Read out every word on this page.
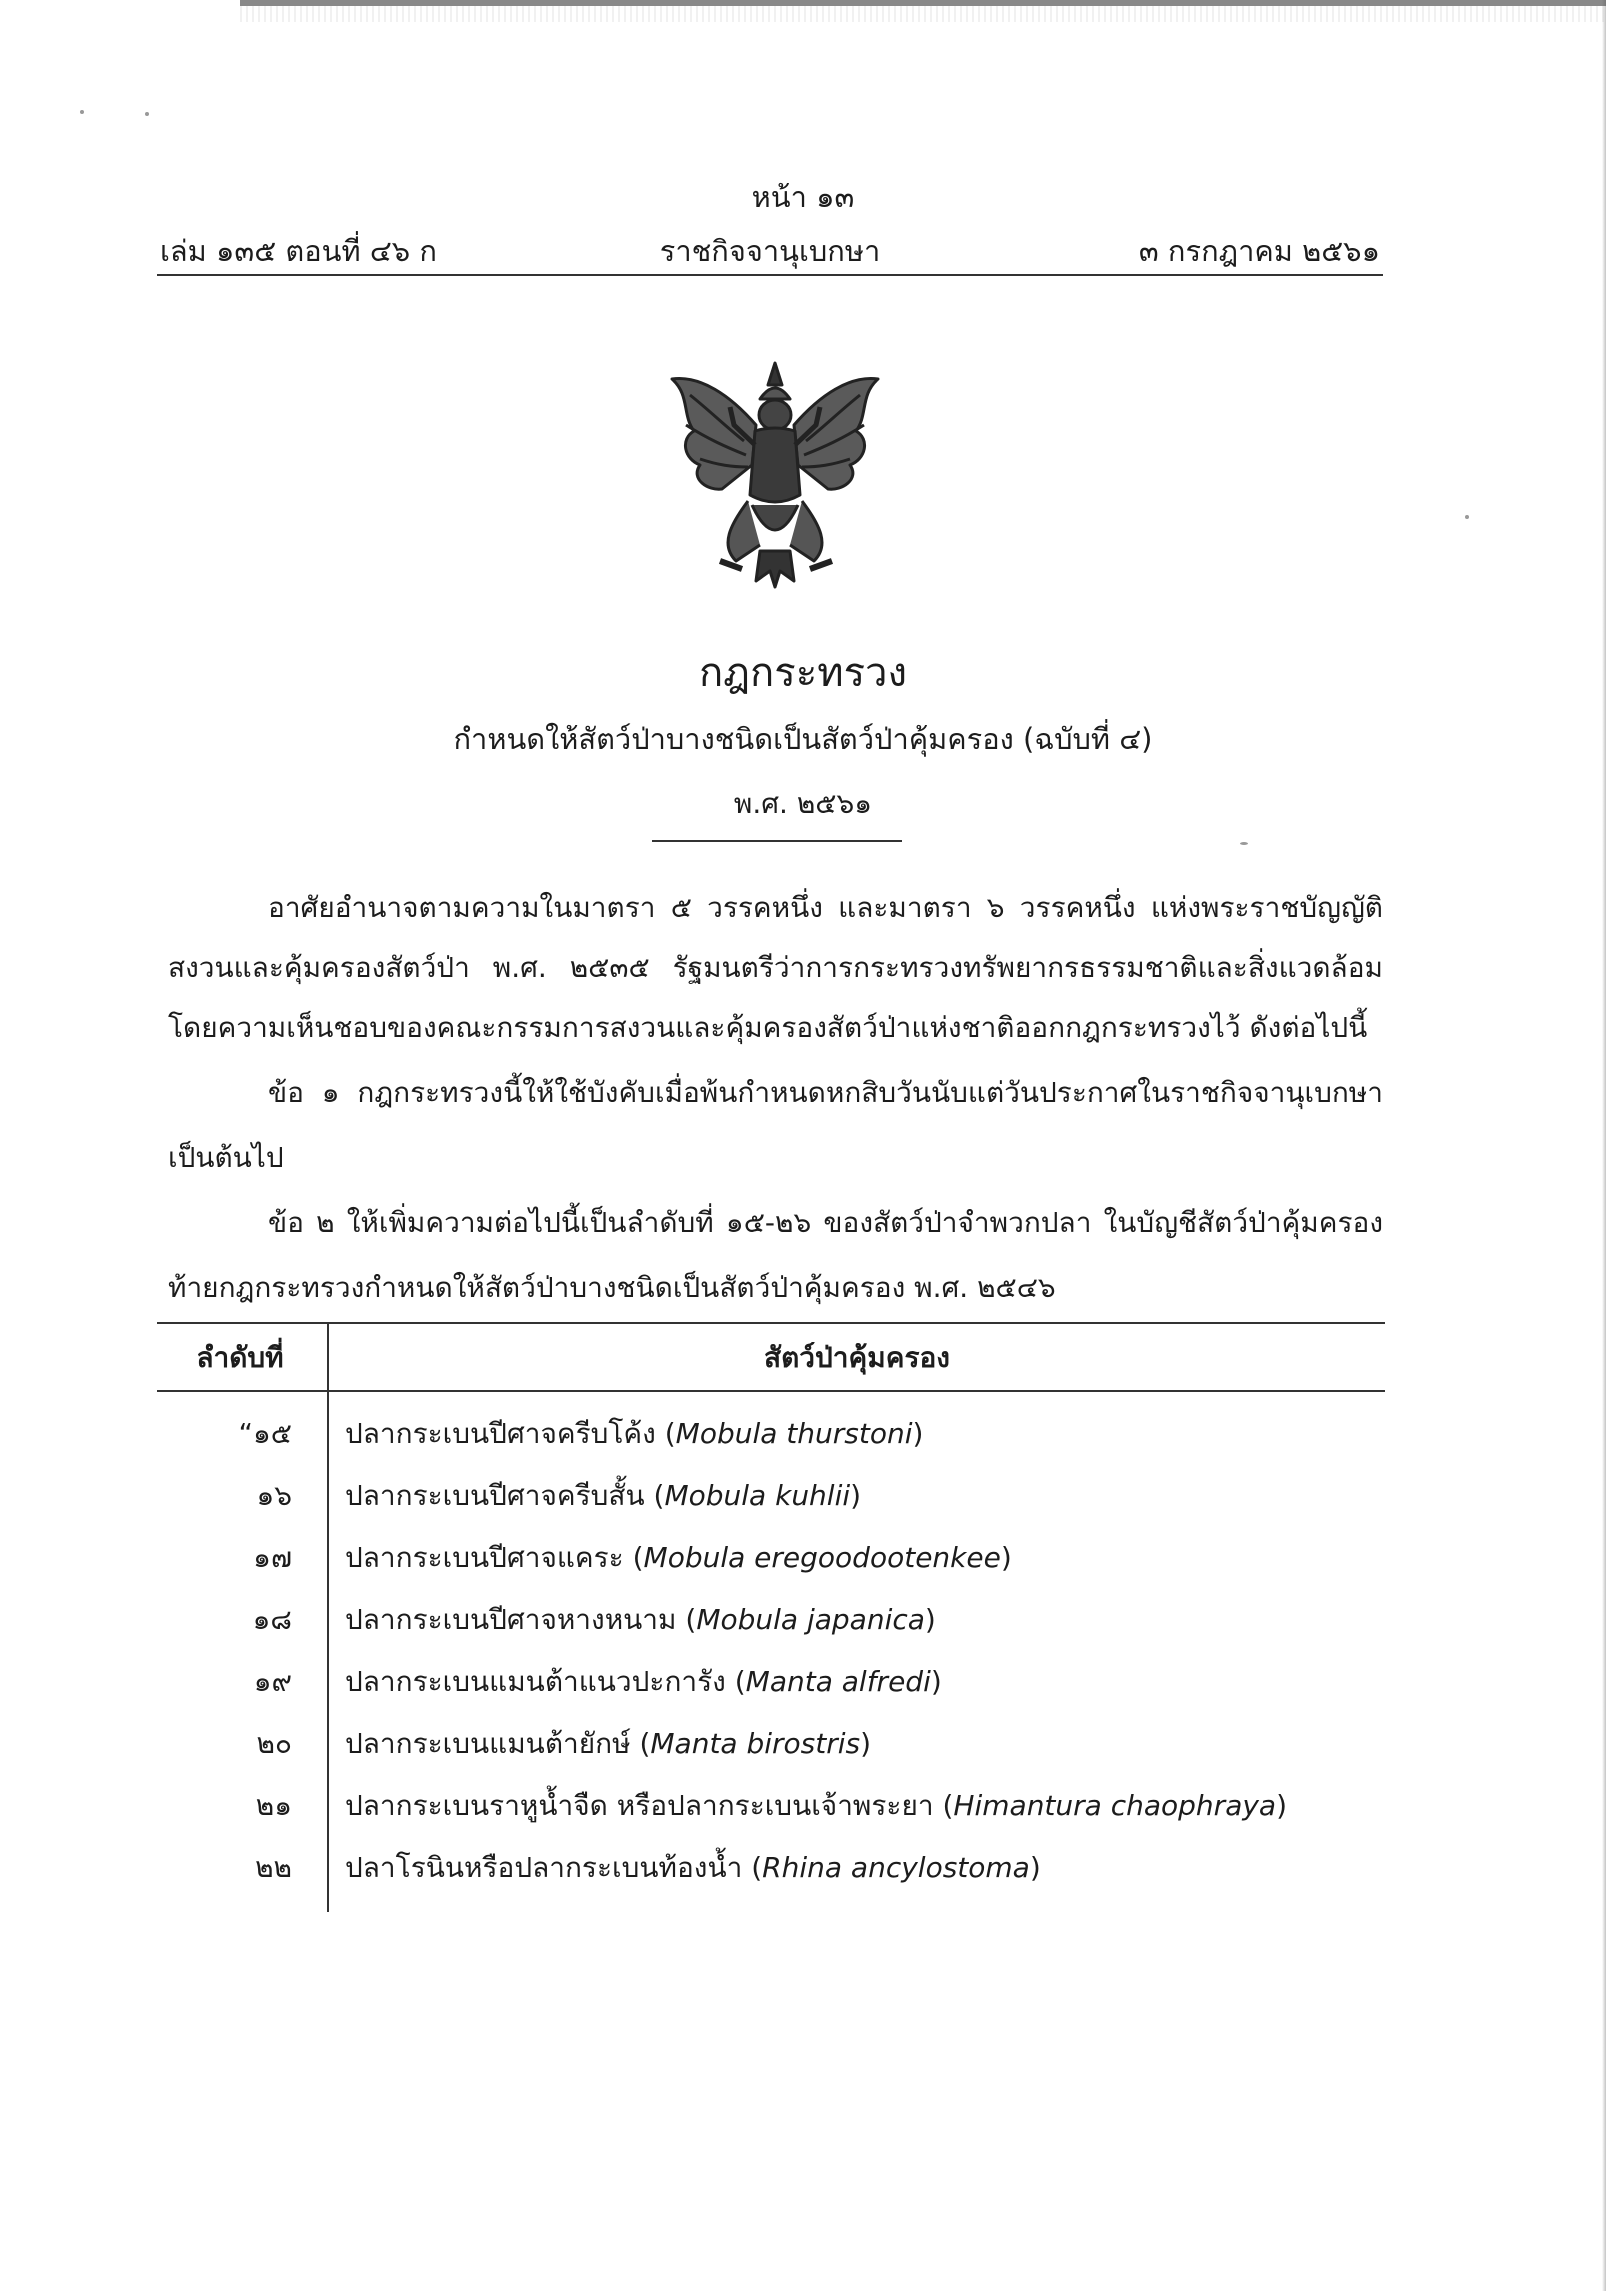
หน้า ๑๓
เล่ม ๑๓๕ ตอนที่ ๔๖ ก	ราชกิจจานุเบกษา	๓ กรกฎาคม ๒๕๖๑
กฎกระทรวง
กำหนดให้สัตว์ป่าบางชนิดเป็นสัตว์ป่าคุ้มครอง (ฉบับที่ ๔)
พ.ศ. ๒๕๖๑
อาศัยอำนาจตามความในมาตรา ๕ วรรคหนึ่ง และมาตรา ๖ วรรคหนึ่ง แห่งพระราชบัญญัติ
สงวนและคุ้มครองสัตว์ป่า พ.ศ. ๒๕๓๕ รัฐมนตรีว่าการกระทรวงทรัพยากรธรรมชาติและสิ่งแวดล้อม
โดยความเห็นชอบของคณะกรรมการสงวนและคุ้มครองสัตว์ป่าแห่งชาติออกกฎกระทรวงไว้ ดังต่อไปนี้
ข้อ ๑ กฎกระทรวงนี้ให้ใช้บังคับเมื่อพ้นกำหนดหกสิบวันนับแต่วันประกาศในราชกิจจานุเบกษา
เป็นต้นไป
ข้อ ๒ ให้เพิ่มความต่อไปนี้เป็นลำดับที่ ๑๕-๒๖ ของสัตว์ป่าจำพวกปลา ในบัญชีสัตว์ป่าคุ้มครอง
ท้ายกฎกระทรวงกำหนดให้สัตว์ป่าบางชนิดเป็นสัตว์ป่าคุ้มครอง พ.ศ. ๒๕๔๖
ลำดับที่	สัตว์ป่าคุ้มครอง
“๑๕ ปลากระเบนปีศาจครีบโค้ง (Mobula thurstoni)
๑๖ ปลากระเบนปีศาจครีบสั้น (Mobula kuhlii)
๑๗ ปลากระเบนปีศาจแคระ (Mobula eregoodootenkee)
๑๘ ปลากระเบนปีศาจหางหนาม (Mobula japanica)
๑๙ ปลากระเบนแมนต้าแนวปะการัง (Manta alfredi)
๒๐ ปลากระเบนแมนต้ายักษ์ (Manta birostris)
๒๑ ปลากระเบนราหูน้ำจืด หรือปลากระเบนเจ้าพระยา (Himantura chaophraya)
๒๒ ปลาโรนินหรือปลากระเบนท้องน้ำ (Rhina ancylostoma)
